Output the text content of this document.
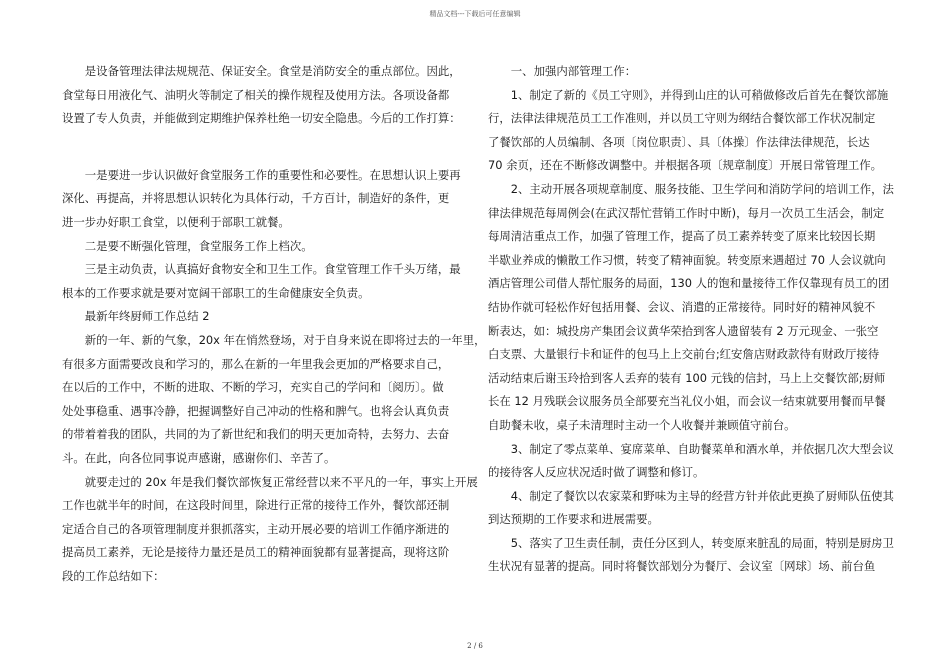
精品文档---下载后可任意编辑

　　是设备管理法律法规规范、保证安全。食堂是消防安全的重点部位。因此，

食堂每日用液化气、油明火等制定了相关的操作规程及使用方法。各项设备都

设置了专人负责，并能做到定期维护保养杜绝一切安全隐患。今后的工作打算：

　　一是要进一步认识做好食堂服务工作的重要性和必要性。在思想认识上要再

深化、再提高，并将思想认识转化为具体行动，千方百计，制造好的条件，更

进一步办好职工食堂，以便利于部职工就餐。

　　二是要不断强化管理，食堂服务工作上档次。

　　三是主动负责，认真搞好食物安全和卫生工作。食堂管理工作千头万绪，最

根本的工作要求就是要对宽阔干部职工的生命健康安全负责。

　　最新年终厨师工作总结 2

　　新的一年、新的气象，20x 年在悄然登场，对于自身来说在即将过去的一年里，

有很多方面需要改良和学习的，那么在新的一年里我会更加的严格要求自己，

在以后的工作中，不断的进取、不断的学习，充实自己的学问和〔阅历〕。做

处处事稳重、遇事冷静，把握调整好自己冲动的性格和脾气。也将会认真负责

的带着着我的团队，共同的为了新世纪和我们的明天更加奇特，去努力、去奋

斗。在此，向各位同事说声感谢，感谢你们、辛苦了。

　　就要走过的 20x 年是我们餐饮部恢复正常经营以来不平凡的一年，事实上开展

工作也就半年的时间，在这段时间里，除进行正常的接待工作外，餐饮部还制

定适合自己的各项管理制度并狠抓落实，主动开展必要的培训工作循序渐进的

提高员工素养，无论是接待力量还是员工的精神面貌都有显著提高，现将这阶

段的工作总结如下：

　　一、加强内部管理工作：

　　1、制定了新的《员工守则》，并得到山庄的认可稍做修改后首先在餐饮部施

行，法律法律规范员工工作准则，并以员工守则为纲结合餐饮部工作状况制定

了餐饮部的人员编制、各项〔岗位职责〕、具〔体操〕作法律法律规范，长达

70 余页，还在不断修改调整中。并根据各项〔规章制度〕开展日常管理工作。

　　2、主动开展各项规章制度、服务技能、卫生学问和消防学问的培训工作，法

律法律规范每周例会(在武汉帮忙营销工作时中断)，每月一次员工生活会，制定

每周清洁重点工作，加强了管理工作，提高了员工素养转变了原来比较因长期

半歇业养成的懒散工作习惯，转变了精神面貌。转变原来遇超过 70 人会议就向

酒店管理公司借人帮忙服务的局面，130 人的饱和量接待工作仅靠现有员工的团

结协作就可轻松作好包括用餐、会议、消遣的正常接待。同时好的精神风貌不

断表达，如：城投房产集团会议黄华荣拾到客人遗留装有 2 万元现金、一张空

白支票、大量银行卡和证件的包马上上交前台;红安詹店财政款待有财政厅接待

活动结束后谢玉玲拾到客人丢弃的装有 100 元钱的信封，马上上交餐饮部;厨师

长在 12 月残联会议服务员全部要充当礼仪小姐，而会议一结束就要用餐而早餐

自助餐未收，桌子未清理时主动一个人收餐并兼顾值守前台。

　　3、制定了零点菜单、宴席菜单、自助餐菜单和酒水单，并依据几次大型会议

的接待客人反应状况适时做了调整和修订。

　　4、制定了餐饮以农家菜和野味为主导的经营方针并依此更换了厨师队伍使其

到达预期的工作要求和进展需要。

　　5、落实了卫生责任制，责任分区到人，转变原来脏乱的局面，特别是厨房卫

生状况有显著的提高。同时将餐饮部划分为餐厅、会议室〔网球〕场、前台鱼

2 / 6
